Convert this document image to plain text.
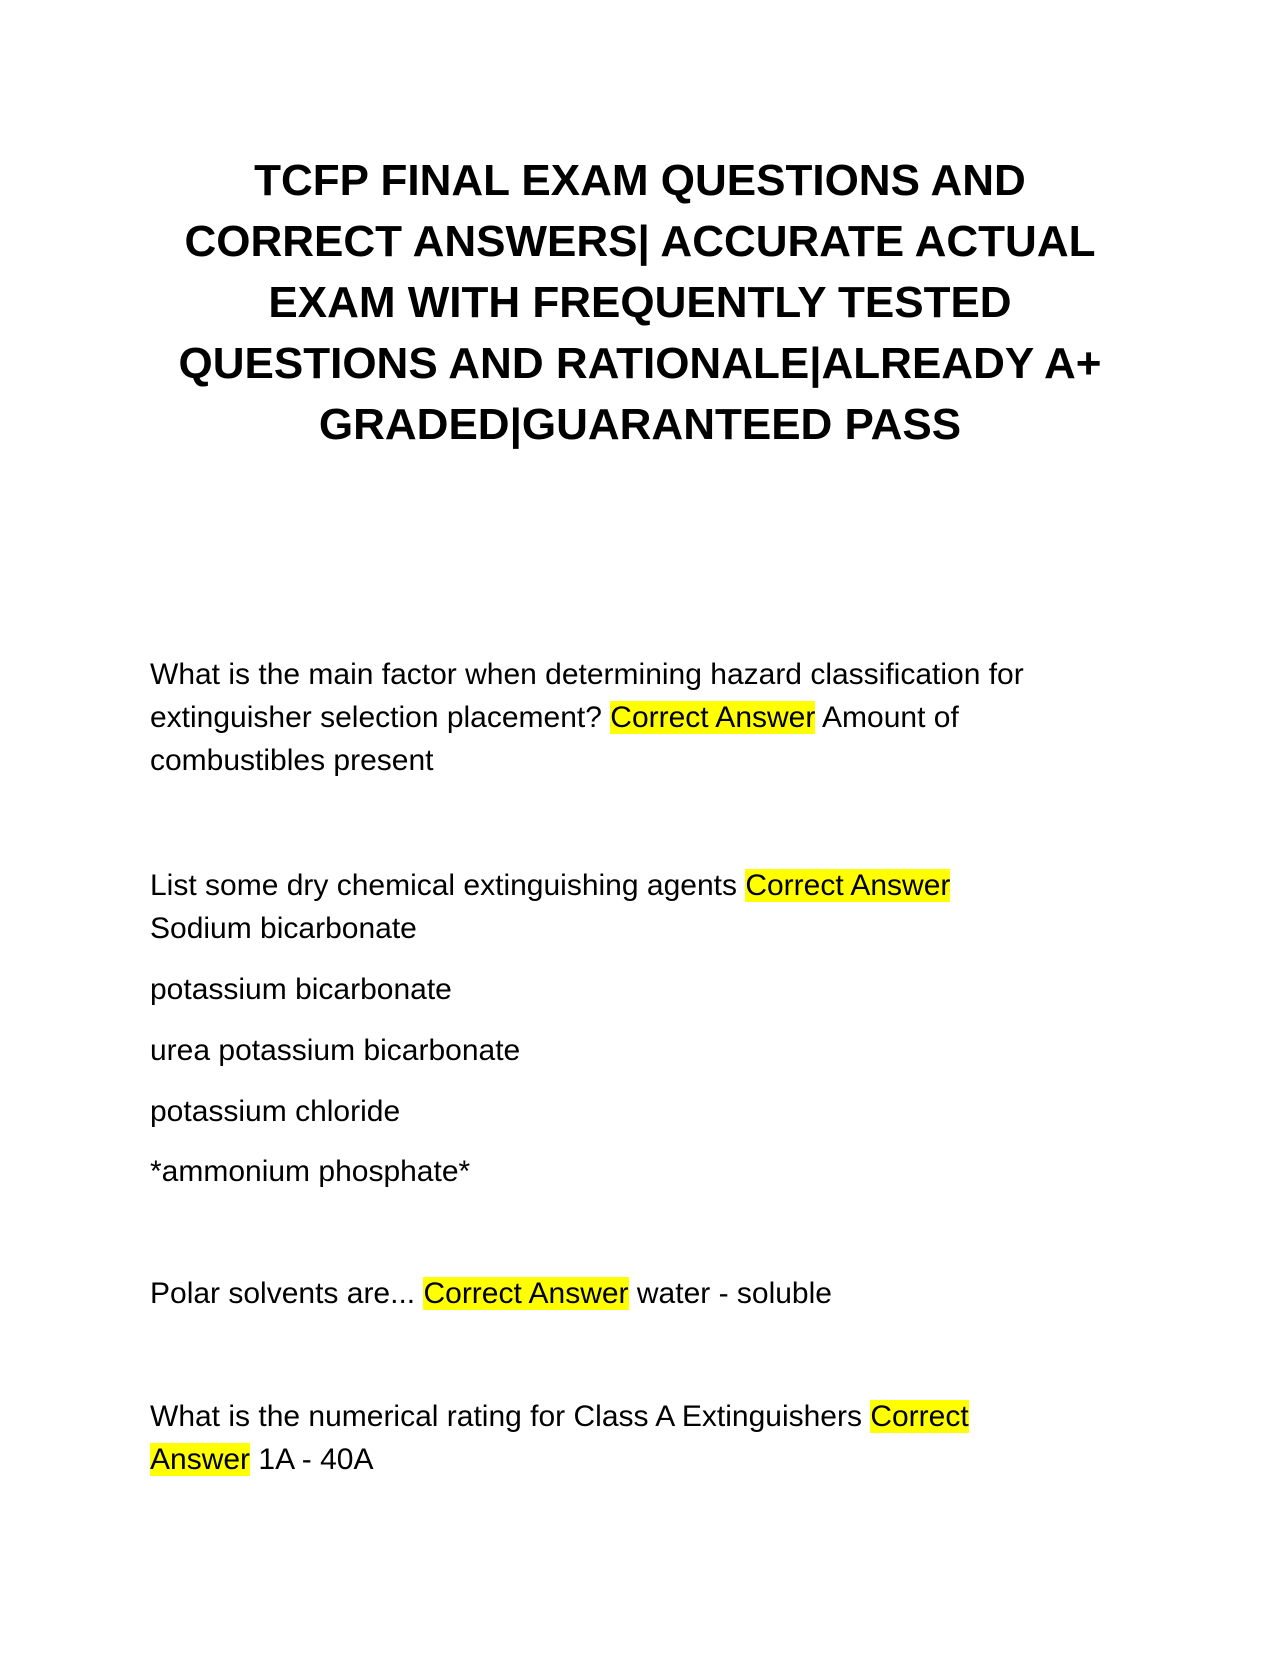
TCFP FINAL EXAM QUESTIONS AND
CORRECT ANSWERS| ACCURATE ACTUAL
EXAM WITH FREQUENTLY TESTED
QUESTIONS AND RATIONALE|ALREADY A+
GRADED|GUARANTEED PASS

What is the main factor when determining hazard classification for
extinguisher selection placement? Correct Answer Amount of
combustibles present

List some dry chemical extinguishing agents Correct Answer
Sodium bicarbonate

potassium bicarbonate

urea potassium bicarbonate

potassium chloride

*ammonium phosphate*

Polar solvents are... Correct Answer water - soluble

What is the numerical rating for Class A Extinguishers Correct
Answer 1A - 40A
